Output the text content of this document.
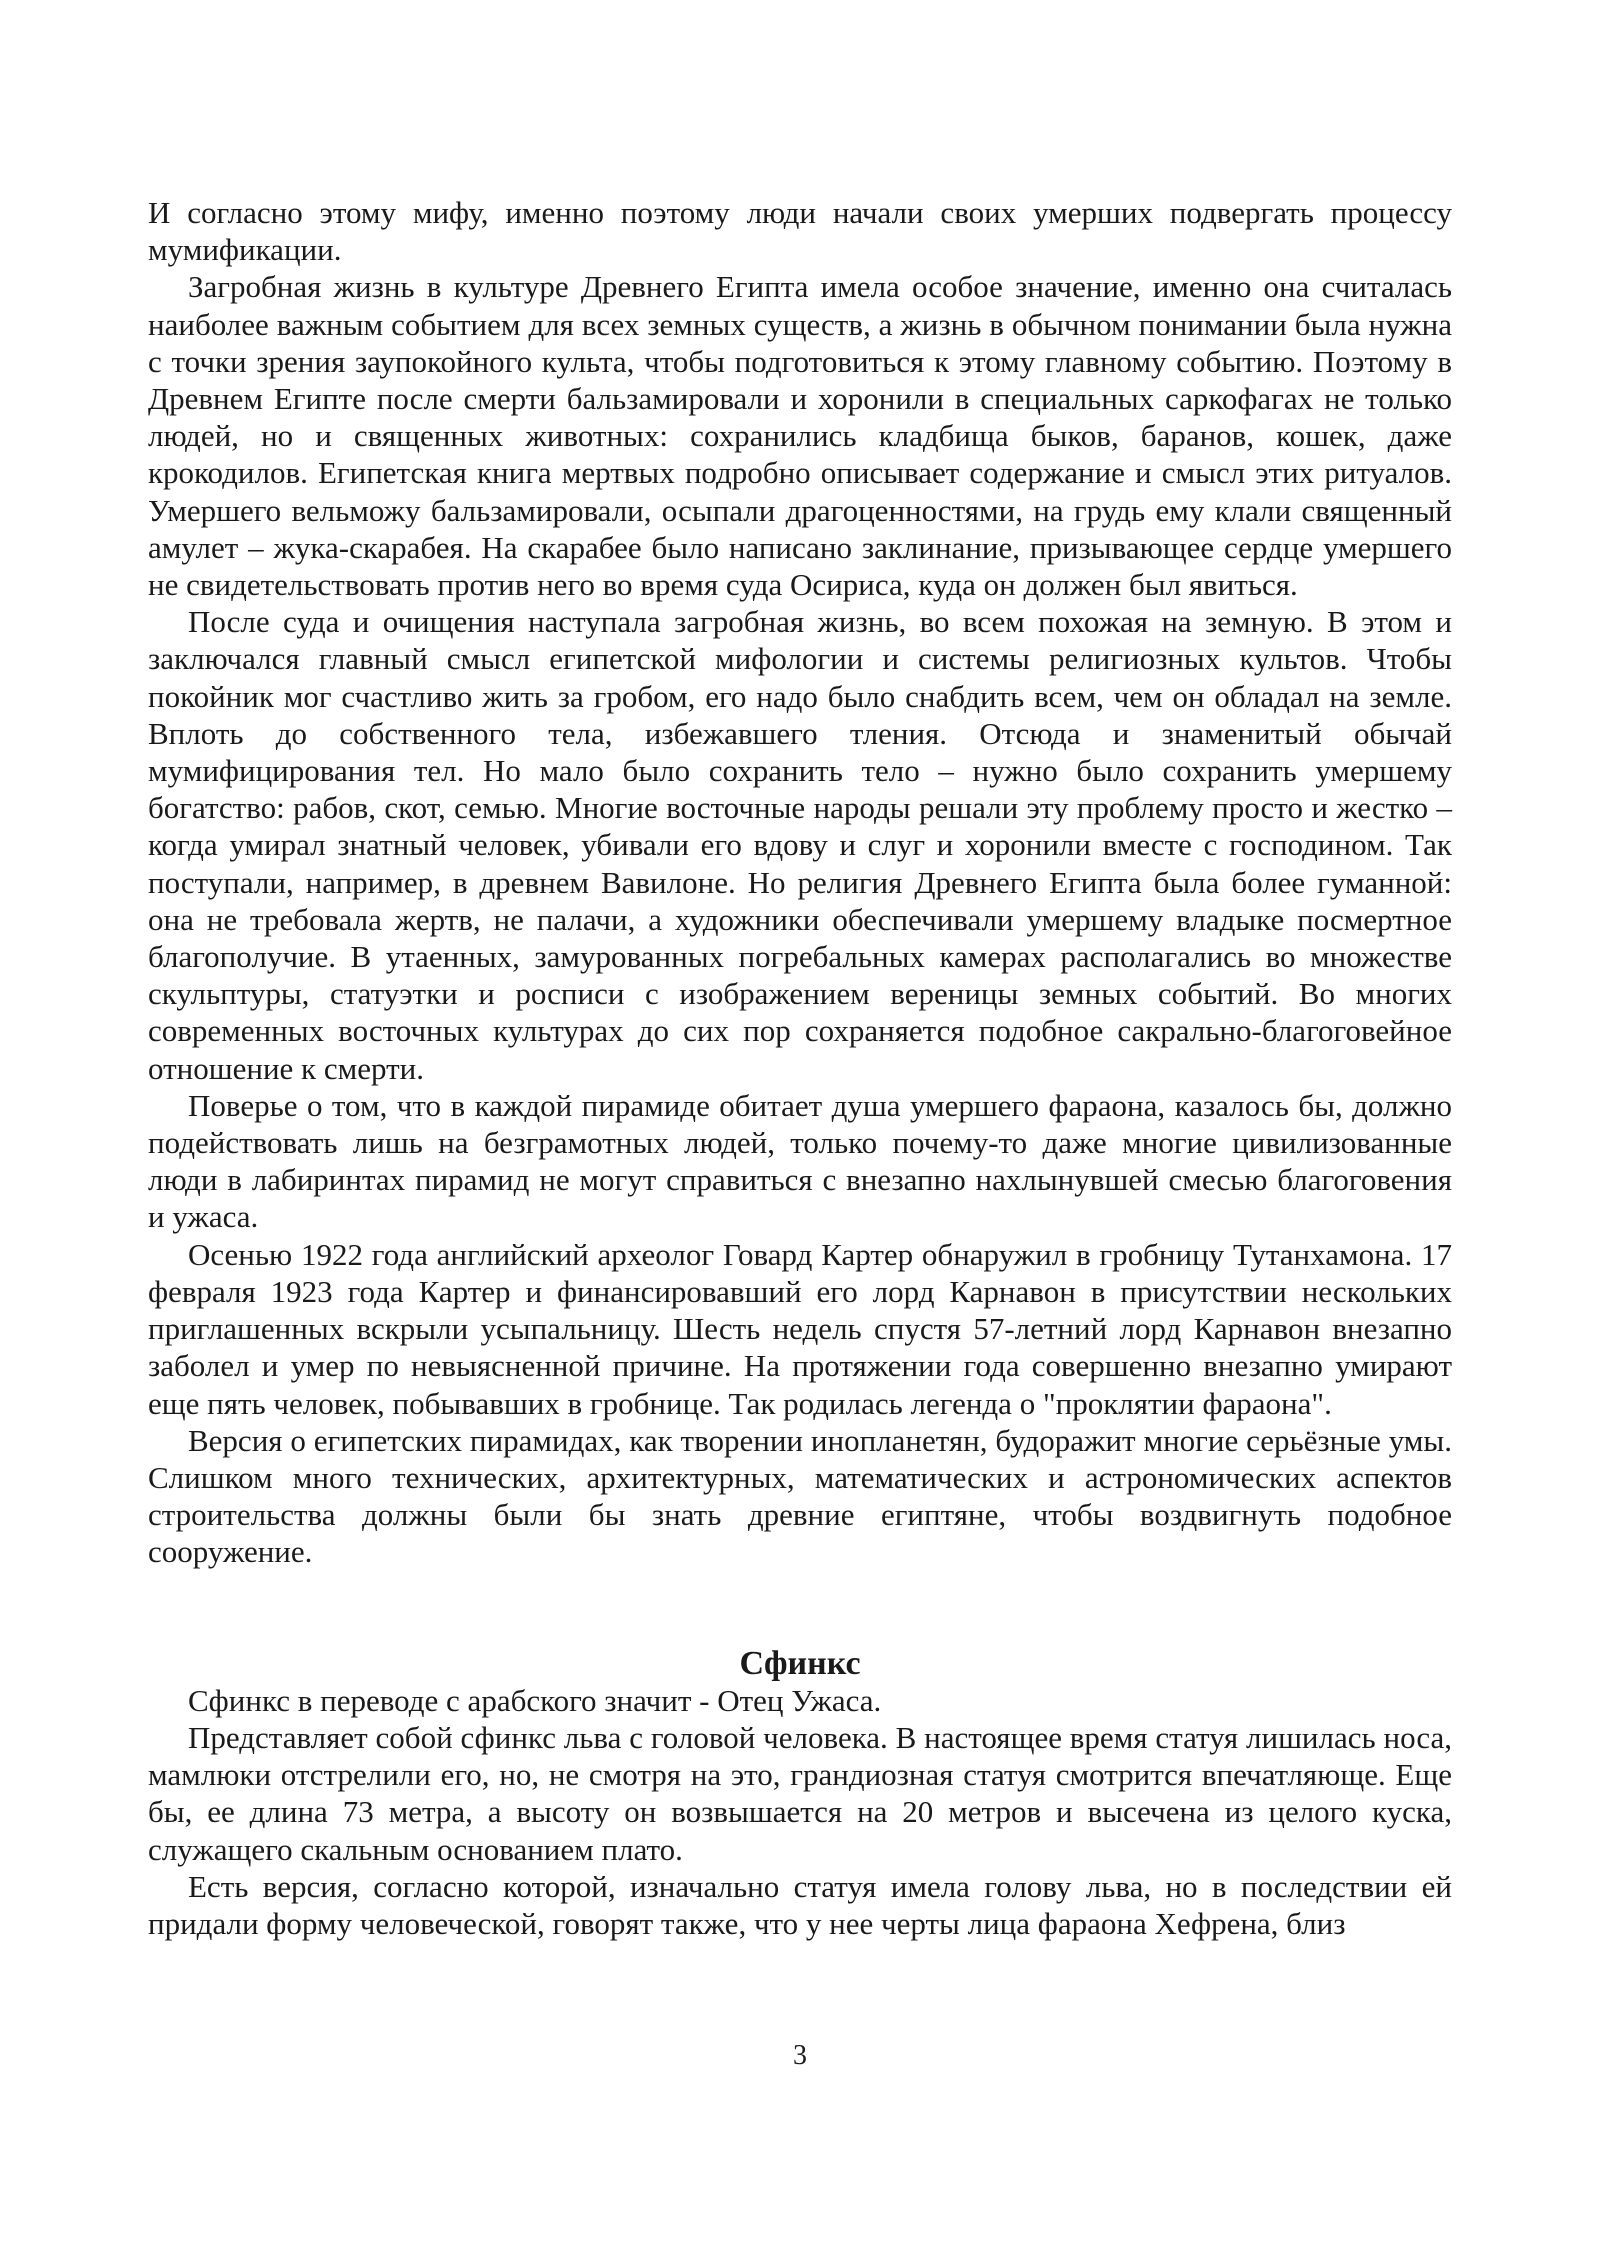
И согласно этому мифу, именно поэтому люди начали своих умерших подвергать процессу мумификации.

Загробная жизнь в культуре Древнего Египта имела особое значение, именно она считалась наиболее важным событием для всех земных существ, а жизнь в обычном понимании была нужна с точки зрения заупокойного культа, чтобы подготовиться к этому главному событию. Поэтому в Древнем Египте после смерти бальзамировали и хоронили в специальных саркофагах не только людей, но и священных животных: сохранились кладбища быков, баранов, кошек, даже крокодилов. Египетская книга мертвых подробно описывает содержание и смысл этих ритуалов. Умершего вельможу бальзамировали, осыпали драгоценностями, на грудь ему клали священный амулет – жука-скарабея. На скарабее было написано заклинание, призывающее сердце умершего не свидетельствовать против него во время суда Осириса, куда он должен был явиться.

После суда и очищения наступала загробная жизнь, во всем похожая на земную. В этом и заключался главный смысл египетской мифологии и системы религиозных культов. Чтобы покойник мог счастливо жить за гробом, его надо было снабдить всем, чем он обладал на земле. Вплоть до собственного тела, избежавшего тления. Отсюда и знаменитый обычай мумифицирования тел. Но мало было сохранить тело – нужно было сохранить умершему богатство: рабов, скот, семью. Многие восточные народы решали эту проблему просто и жестко – когда умирал знатный человек, убивали его вдову и слуг и хоронили вместе с господином. Так поступали, например, в древнем Вавилоне. Но религия Древнего Египта была более гуманной: она не требовала жертв, не палачи, а художники обеспечивали умершему владыке посмертное благополучие. В утаенных, замурованных погребальных камерах располагались во множестве скульптуры, статуэтки и росписи с изображением вереницы земных событий. Во многих современных восточных культурах до сих пор сохраняется подобное сакрально-благоговейное отношение к смерти.

Поверье о том, что в каждой пирамиде обитает душа умершего фараона, казалось бы, должно подействовать лишь на безграмотных людей, только почему-то даже многие цивилизованные люди в лабиринтах пирамид не могут справиться с внезапно нахлынувшей смесью благоговения и ужаса.

Осенью 1922 года английский археолог Говард Картер обнаружил в гробницу Тутанхамона. 17 февраля 1923 года Картер и финансировавший его лорд Карнавон в присутствии нескольких приглашенных вскрыли усыпальницу. Шесть недель спустя 57-летний лорд Карнавон внезапно заболел и умер по невыясненной причине. На протяжении года совершенно внезапно умирают еще пять человек, побывавших в гробнице. Так родилась легенда о "проклятии фараона".

Версия о египетских пирамидах, как творении инопланетян, будоражит многие серьёзные умы. Слишком много технических, архитектурных, математических и астрономических аспектов строительства должны были бы знать древние египтяне, чтобы воздвигнуть подобное сооружение.

Сфинкс

Сфинкс в переводе с арабского значит - Отец Ужаса.

Представляет собой сфинкс льва с головой человека. В настоящее время статуя лишилась носа, мамлюки отстрелили его, но, не смотря на это, грандиозная статуя смотрится впечатляюще. Еще бы, ее длина 73 метра, а высоту он возвышается на 20 метров и высечена из целого куска, служащего скальным основанием плато.

Есть версия, согласно которой, изначально статуя имела голову льва, но в последствии ей придали форму человеческой, говорят также, что у нее черты лица фараона Хефрена, близ

3
